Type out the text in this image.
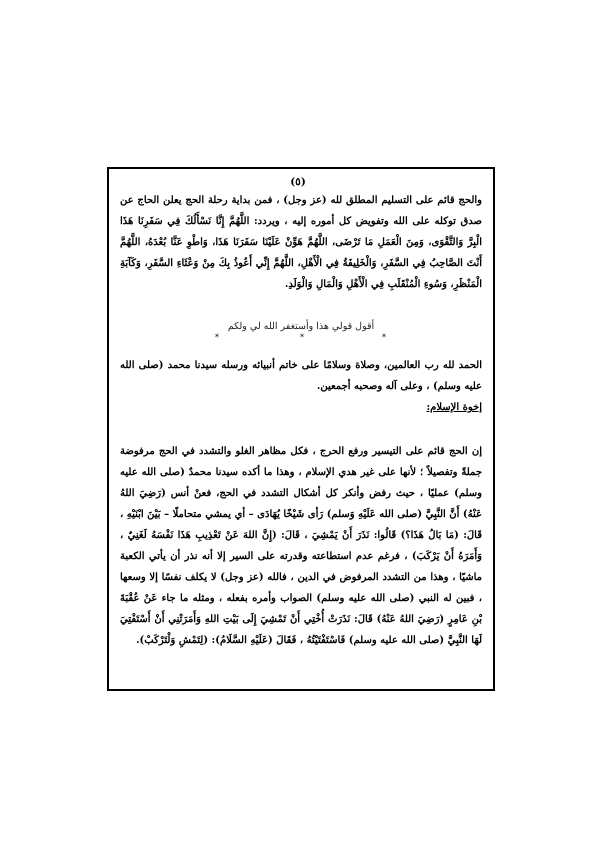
(٥)

والحج قائم على التسليم المطلق لله (عز وجل) ، فمن بداية رحلة الحج يعلن الحاج عن صدق توكله على الله وتفويض كل أموره إليه ، ويردد: اللَّهُمَّ إِنَّا نَسْأَلُكَ فِي سَفَرِنَا هَذَا الْبِرَّ وَالتَّقْوَى، وَمِنَ الْعَمَلِ مَا تَرْضَى، اللَّهُمَّ هَوِّنْ عَلَيْنَا سَفَرَنَا هَذَا، وَاطْوِ عَنَّا بُعْدَهُ، اللَّهُمَّ أَنْتَ الصَّاحِبُ فِي السَّفَرِ، وَالْخَلِيفَةُ فِي الْأَهْلِ، اللَّهُمَّ إِنِّي أَعُوذُ بِكَ مِنْ وَعْثَاءِ السَّفَرِ، وَكَآبَةِ الْمَنْظَرِ، وَسُوءِ الْمُنْقَلَبِ فِي الْأَهْلِ وَالْمَالِ وَالْوَلَدِ.

أقول قولي هذا وأستغفر الله لي ولكم
*	*	*

الحمد لله رب العالمين، وصلاة وسلامًا على خاتم أنبيائه ورسله سيدنا محمد (صلى الله عليه وسلم) ، وعلى آله وصحبه أجمعين.

إخوة الإسلام:

إن الحج قائم على التيسير ورفع الحرج ، فكل مظاهر الغلو والتشدد في الحج مرفوضة جملةً وتفصيلاً ؛ لأنها على غير هدي الإسلام ، وهذا ما أكده سيدنا محمدٌ (صلى الله عليه وسلم) عمليًا ، حيث رفض وأنكر كل أشكال التشدد في الحج، فعنْ أنس (رَضِيَ اللهُ عَنْهُ) أَنَّ النَّبِيَّ (صلى الله عَلَيْهِ وَسلم) رَأى شَيْخًا يُهَادَى – أي يمشي متحاملًا – بَيْنَ ابْنَيْهِ ، قَالَ: (مَا بَالُ هَذَا؟) قَالُوا: نَذَرَ أَنْ يَمْشِيَ ، قَالَ: (إِنَّ اللهَ عَنْ تَعْذِيبِ هَذَا نَفْسَهُ لَغَنِيٌ ، وَأَمَرَهُ أَنْ يَرْكَبَ) ، فرغم عدم استطاعته وقدرته على السير إلا أنه نذر أن يأتي الكعبة ماشيًا ، وهذا من التشدد المرفوض في الدين ، فالله (عز وجل) لا يكلف نفسًا إلا وسعها ، فبين له النبي (صلى الله عليه وسلم) الصواب وأمره بفعله ، ومثله ما جاء عَنْ عُقْبَةَ بْنِ عَامِرٍ (رَضِيَ اللهُ عَنْهُ) قَالَ: نَذَرَتْ أُخْتِي أَنْ تَمْشِيَ إِلَى بَيْتِ اللهِ وَأَمَرَتْنِي أَنْ أَسْتَفْتِيَ لَهَا النَّبِيَّ (صلى الله عليه وسلم) فَاسْتَفْتَيْتُهُ ، فَقَالَ (عَلَيْهِ السَّلَامُ): (لِتَمْشِ وَلْتَرْكَبْ).
